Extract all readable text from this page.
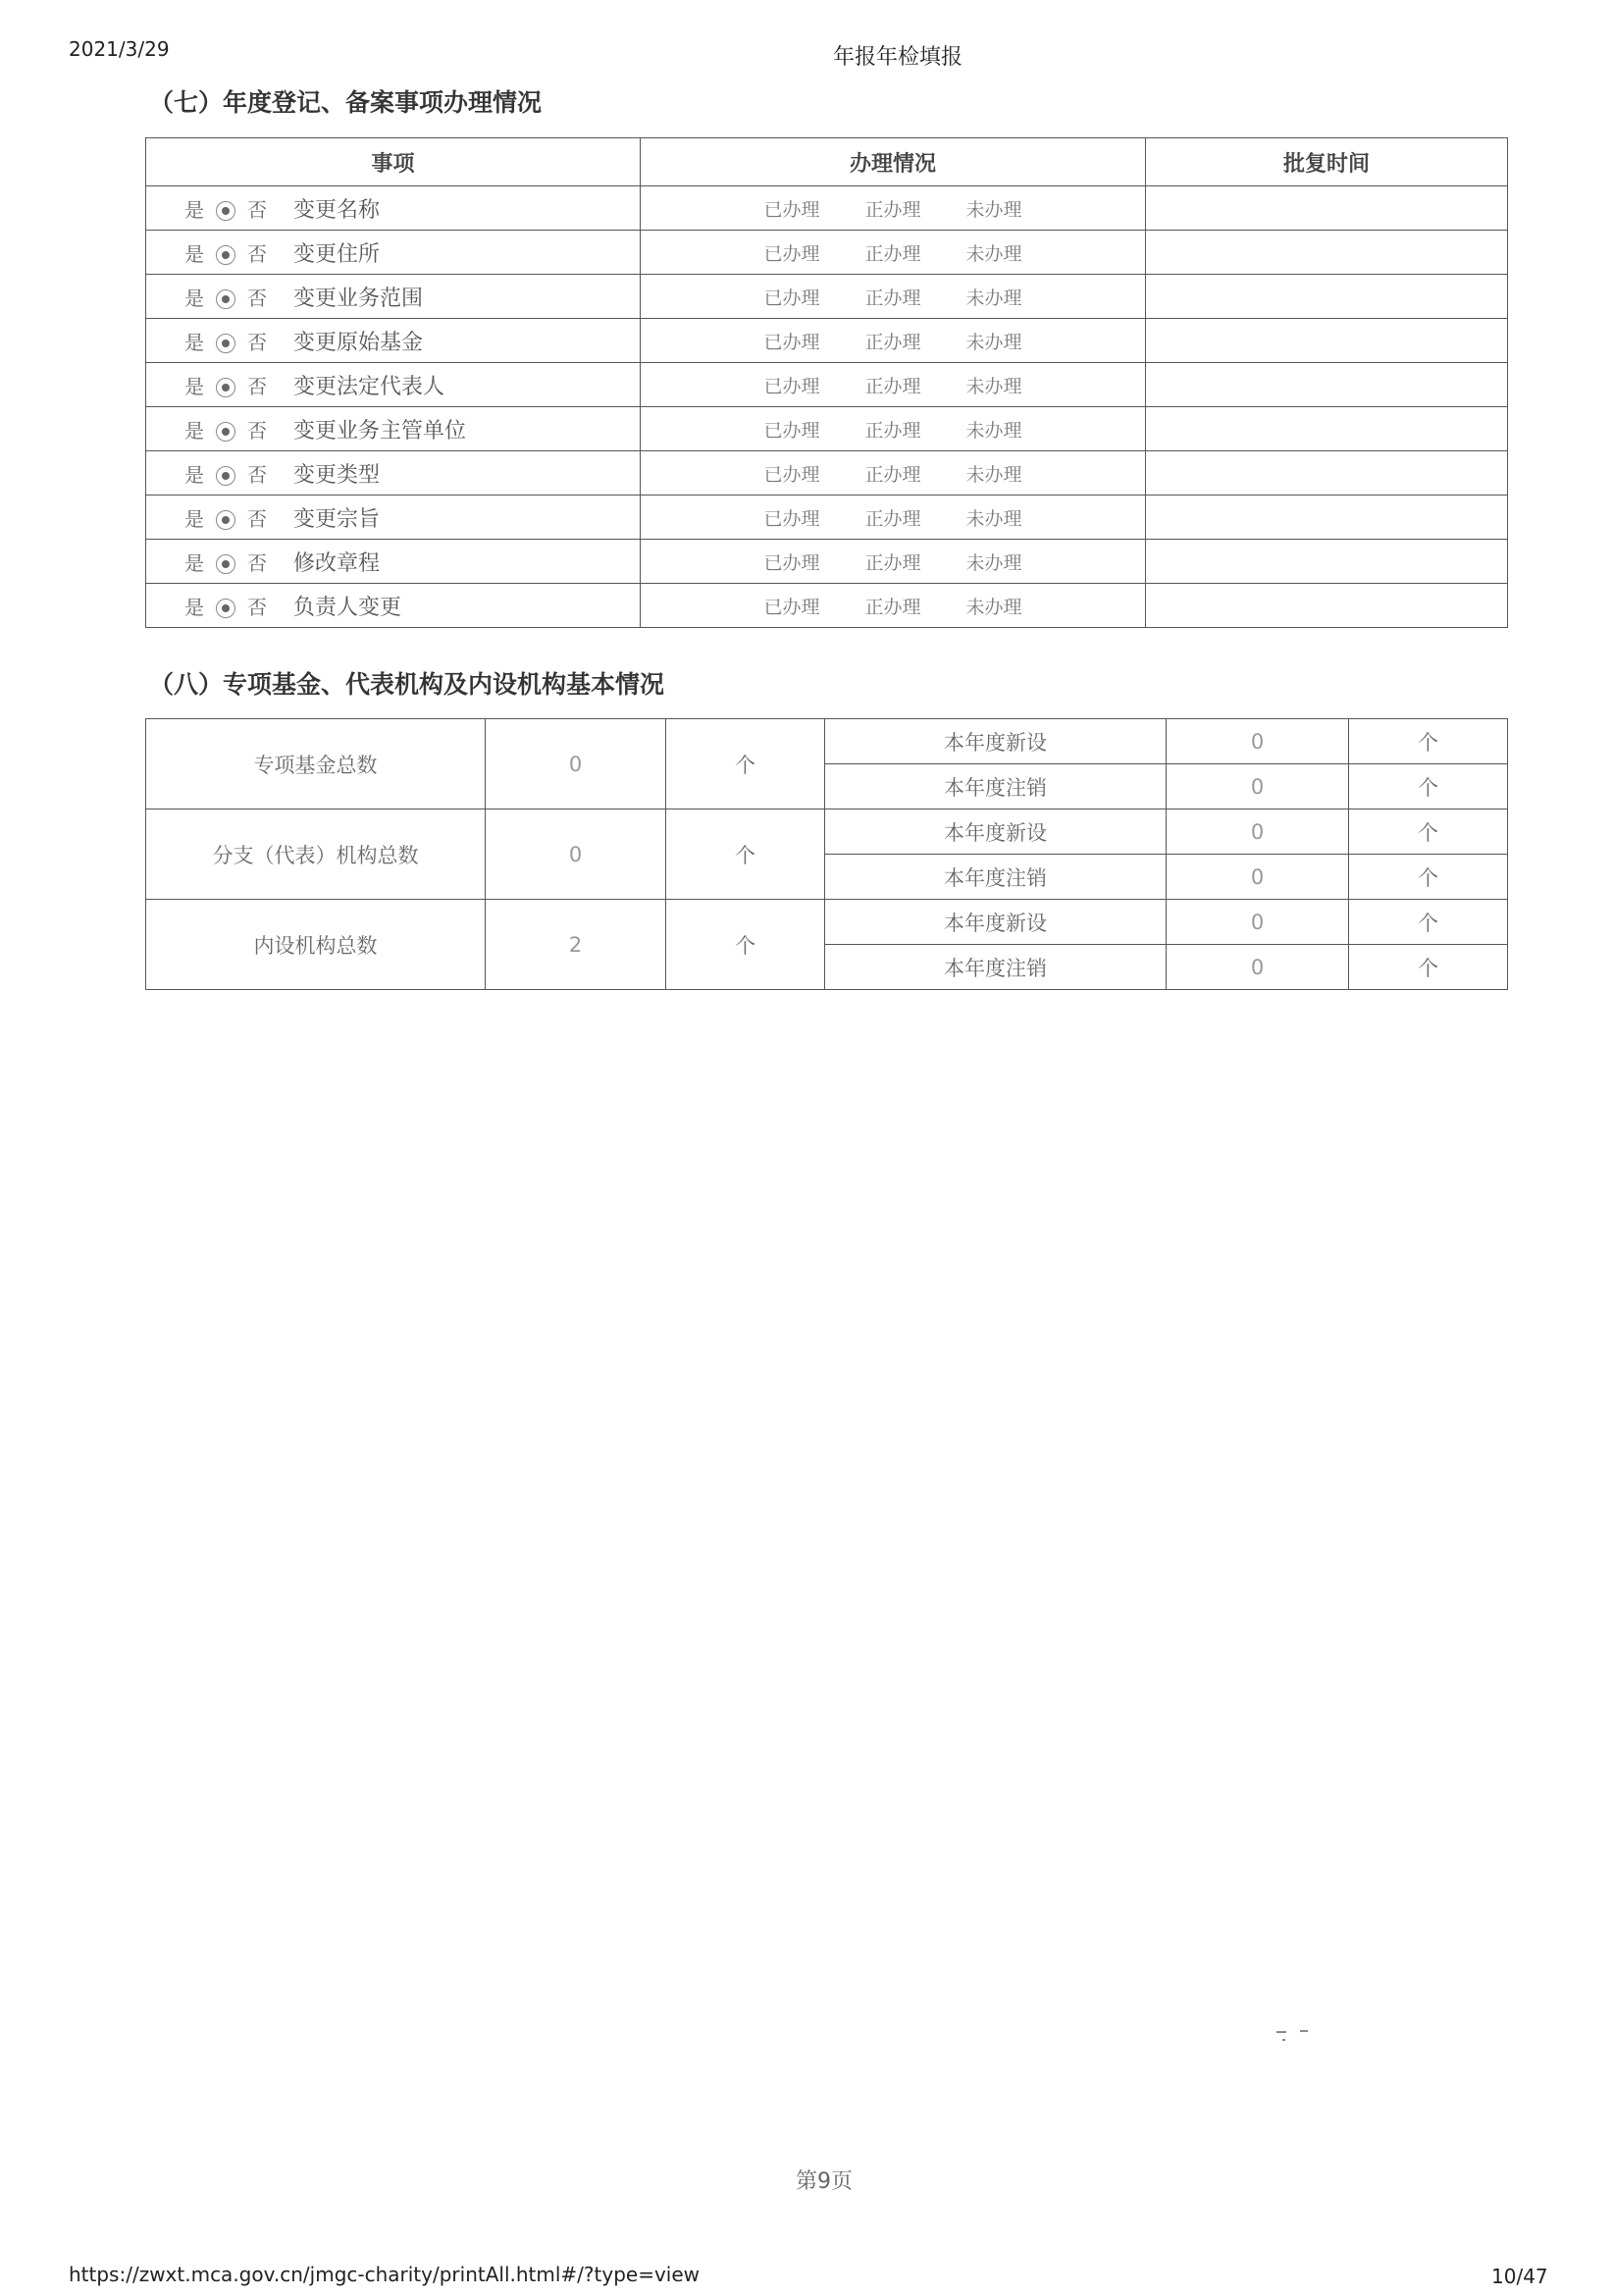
2021/3/29	年报年检填报
（七）年度登记、备案事项办理情况
事项	办理情况	批复时间
是 否 变更名称	已办理 正办理 未办理	
是 否 变更住所	已办理 正办理 未办理	
是 否 变更业务范围	已办理 正办理 未办理	
是 否 变更原始基金	已办理 正办理 未办理	
是 否 变更法定代表人	已办理 正办理 未办理	
是 否 变更业务主管单位	已办理 正办理 未办理	
是 否 变更类型	已办理 正办理 未办理	
是 否 变更宗旨	已办理 正办理 未办理	
是 否 修改章程	已办理 正办理 未办理	
是 否 负责人变更	已办理 正办理 未办理	
（八）专项基金、代表机构及内设机构基本情况
专项基金总数	0	个	本年度新设	0	个
			本年度注销	0	个
分支（代表）机构总数	0	个	本年度新设	0	个
			本年度注销	0	个
内设机构总数	2	个	本年度新设	0	个
			本年度注销	0	个
第9页
https://zwxt.mca.gov.cn/jmgc-charity/printAll.html#/?type=view	10/47
